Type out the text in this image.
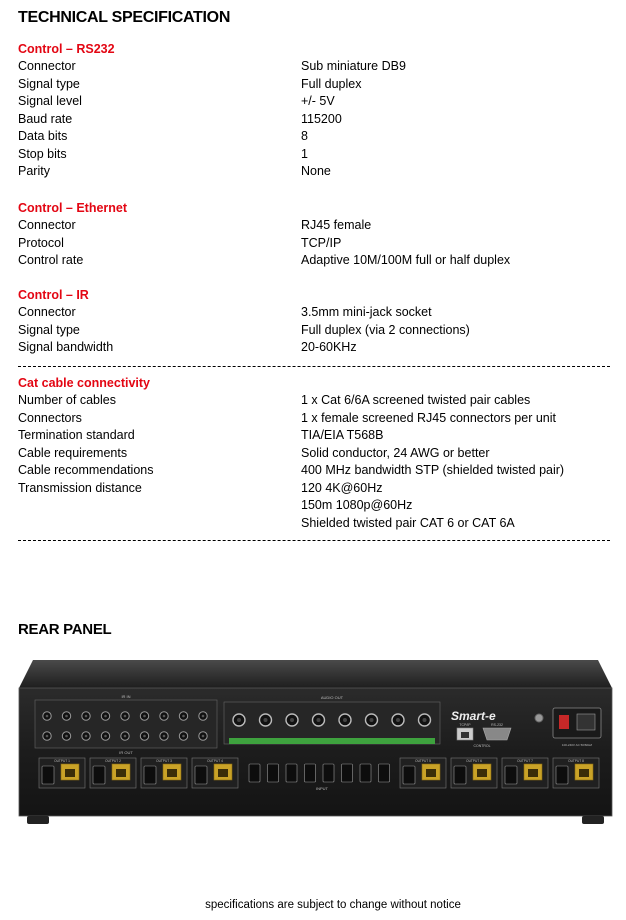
TECHNICAL SPECIFICATION
Control – RS232
Connector	Sub miniature DB9
Signal type	Full duplex
Signal level	+/- 5V
Baud rate	115200
Data bits	8
Stop bits	1
Parity	None
Control – Ethernet
Connector	RJ45 female
Protocol	TCP/IP
Control rate	Adaptive 10M/100M full or half duplex
Control – IR
Connector	3.5mm mini-jack socket
Signal type	Full duplex (via 2 connections)
Signal bandwidth	20-60KHz
Cat cable connectivity
Number of cables	1 x Cat 6/6A screened twisted pair cables
Connectors	1 x female screened RJ45 connectors per unit
Termination standard	TIA/EIA T568B
Cable requirements	Solid conductor, 24 AWG or better
Cable recommendations	400 MHz bandwidth STP (shielded twisted pair)
Transmission distance	120 4K@60Hz
150m 1080p@60Hz
Shielded twisted pair CAT 6 or CAT 6A
REAR PANEL
IR IN
IR OUT
AUDIO OUT
Smart-e
TCP/IP	RS-232
CONTROL	100-240V AC 50/60HZ
OUTPUT 1	OUTPUT 2	OUTPUT 3	OUTPUT 4	OUTPUT 5	OUTPUT 6	OUTPUT 7	OUTPUT 8
INPUT
specifications are subject to change without notice
